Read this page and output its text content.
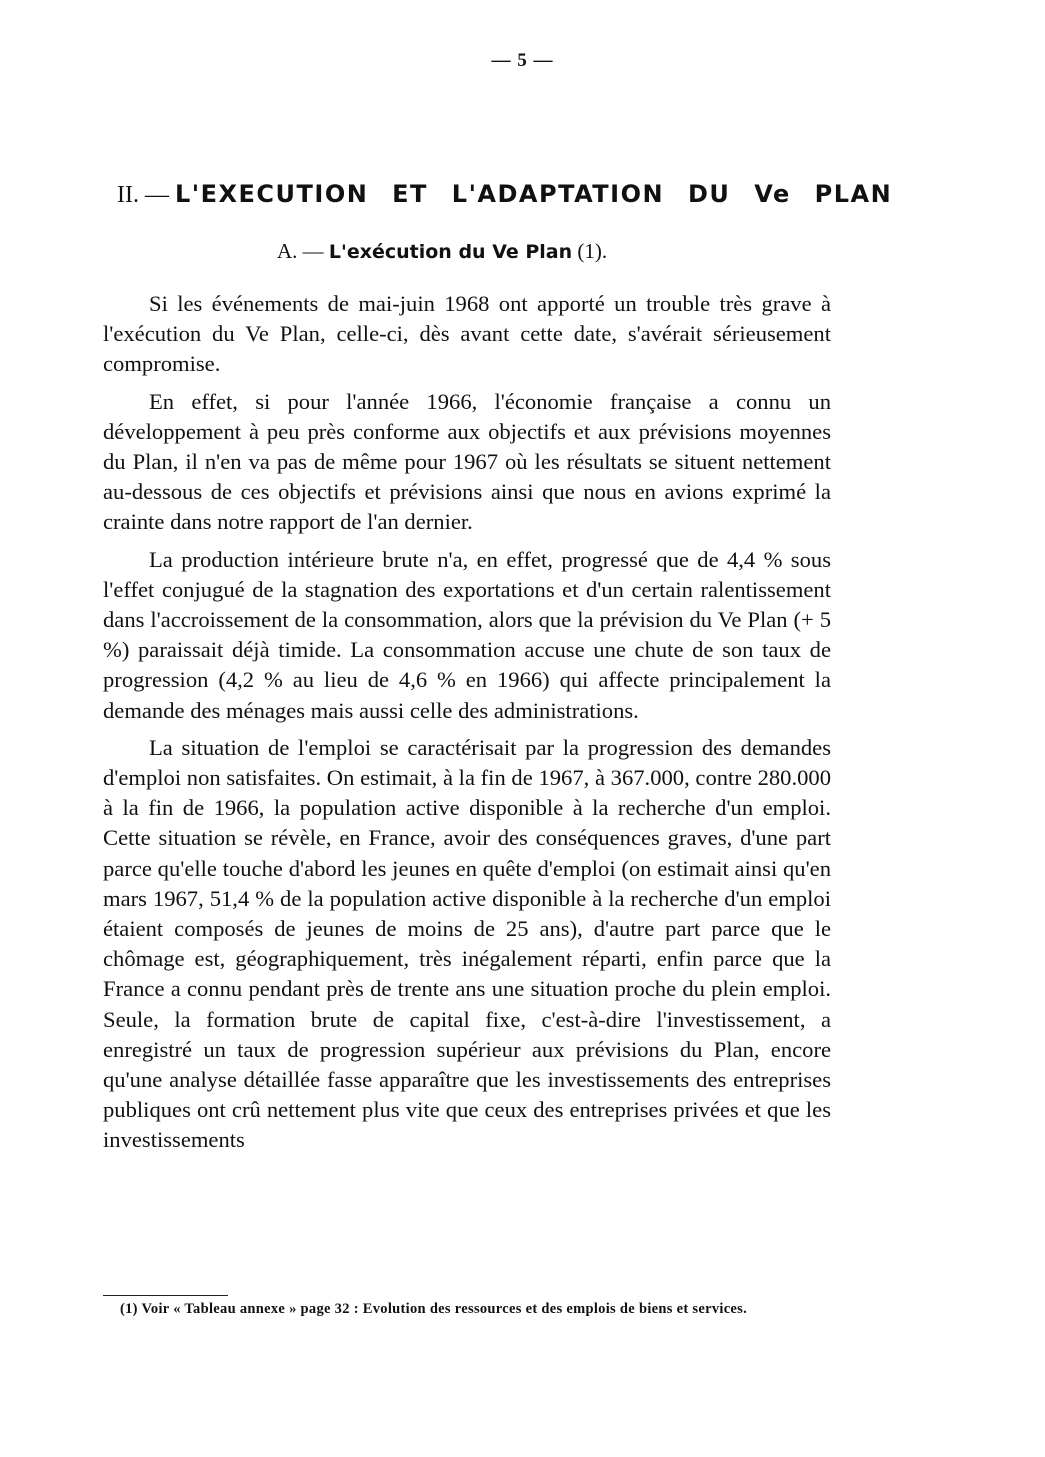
— 5 —
II. — L'EXECUTION ET L'ADAPTATION DU Ve PLAN
A. — L'exécution du Ve Plan (1).

Si les événements de mai-juin 1968 ont apporté un trouble très grave à l'exécution du Ve Plan, celle-ci, dès avant cette date, s'avérait sérieusement compromise.

En effet, si pour l'année 1966, l'économie française a connu un développement à peu près conforme aux objectifs et aux prévisions moyennes du Plan, il n'en va pas de même pour 1967 où les résultats se situent nettement au-dessous de ces objectifs et prévisions ainsi que nous en avions exprimé la crainte dans notre rapport de l'an dernier.

La production intérieure brute n'a, en effet, progressé que de 4,4 % sous l'effet conjugué de la stagnation des exportations et d'un certain ralentissement dans l'accroissement de la consommation, alors que la prévision du Ve Plan (+ 5 %) paraissait déjà timide. La consommation accuse une chute de son taux de progression (4,2 % au lieu de 4,6 % en 1966) qui affecte principalement la demande des ménages mais aussi celle des administrations.

La situation de l'emploi se caractérisait par la progression des demandes d'emploi non satisfaites. On estimait, à la fin de 1967, à 367.000, contre 280.000 à la fin de 1966, la population active disponible à la recherche d'un emploi. Cette situation se révèle, en France, avoir des conséquences graves, d'une part parce qu'elle touche d'abord les jeunes en quête d'emploi (on estimait ainsi qu'en mars 1967, 51,4 % de la population active disponible à la recherche d'un emploi étaient composés de jeunes de moins de 25 ans), d'autre part parce que le chômage est, géographiquement, très inégalement réparti, enfin parce que la France a connu pendant près de trente ans une situation proche du plein emploi. Seule, la formation brute de capital fixe, c'est-à-dire l'investissement, a enregistré un taux de progression supérieur aux prévisions du Plan, encore qu'une analyse détaillée fasse apparaître que les investissements des entreprises publiques ont crû nettement plus vite que ceux des entreprises privées et que les investissements

(1) Voir « Tableau annexe » page 32 : Evolution des ressources et des emplois de biens et services.
